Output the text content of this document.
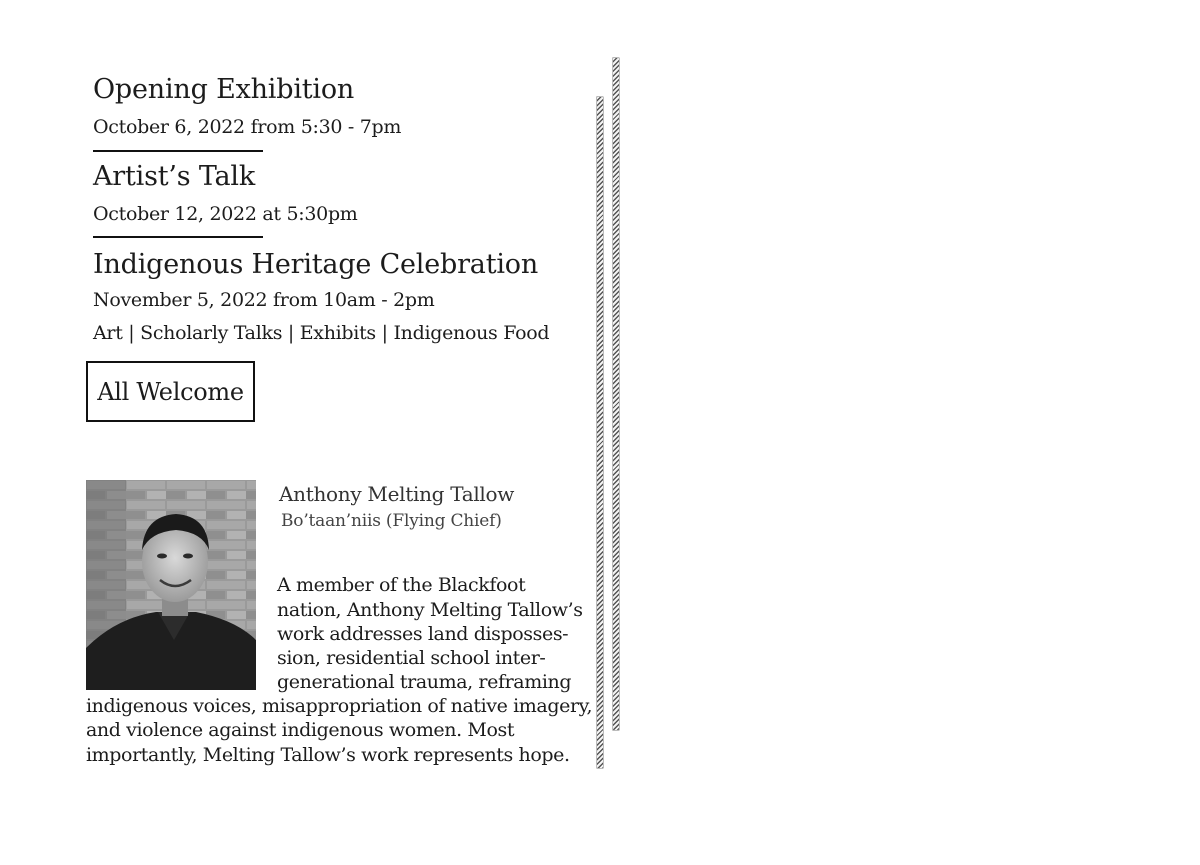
Opening Exhibition
October 6, 2022 from 5:30 - 7pm
Artist’s Talk
October 12, 2022 at 5:30pm
Indigenous Heritage Celebration
November 5, 2022 from 10am - 2pm
Art | Scholarly Talks | Exhibits | Indigenous Food
All Welcome
Anthony Melting Tallow
Bo’taan’niis (Flying Chief)
A member of the Blackfoot
nation, Anthony Melting Tallow’s
work addresses land disposses-
sion, residential school inter-
generational trauma, reframing
indigenous voices, misappropriation of native imagery,
and violence against indigenous women. Most
importantly, Melting Tallow’s work represents hope.
